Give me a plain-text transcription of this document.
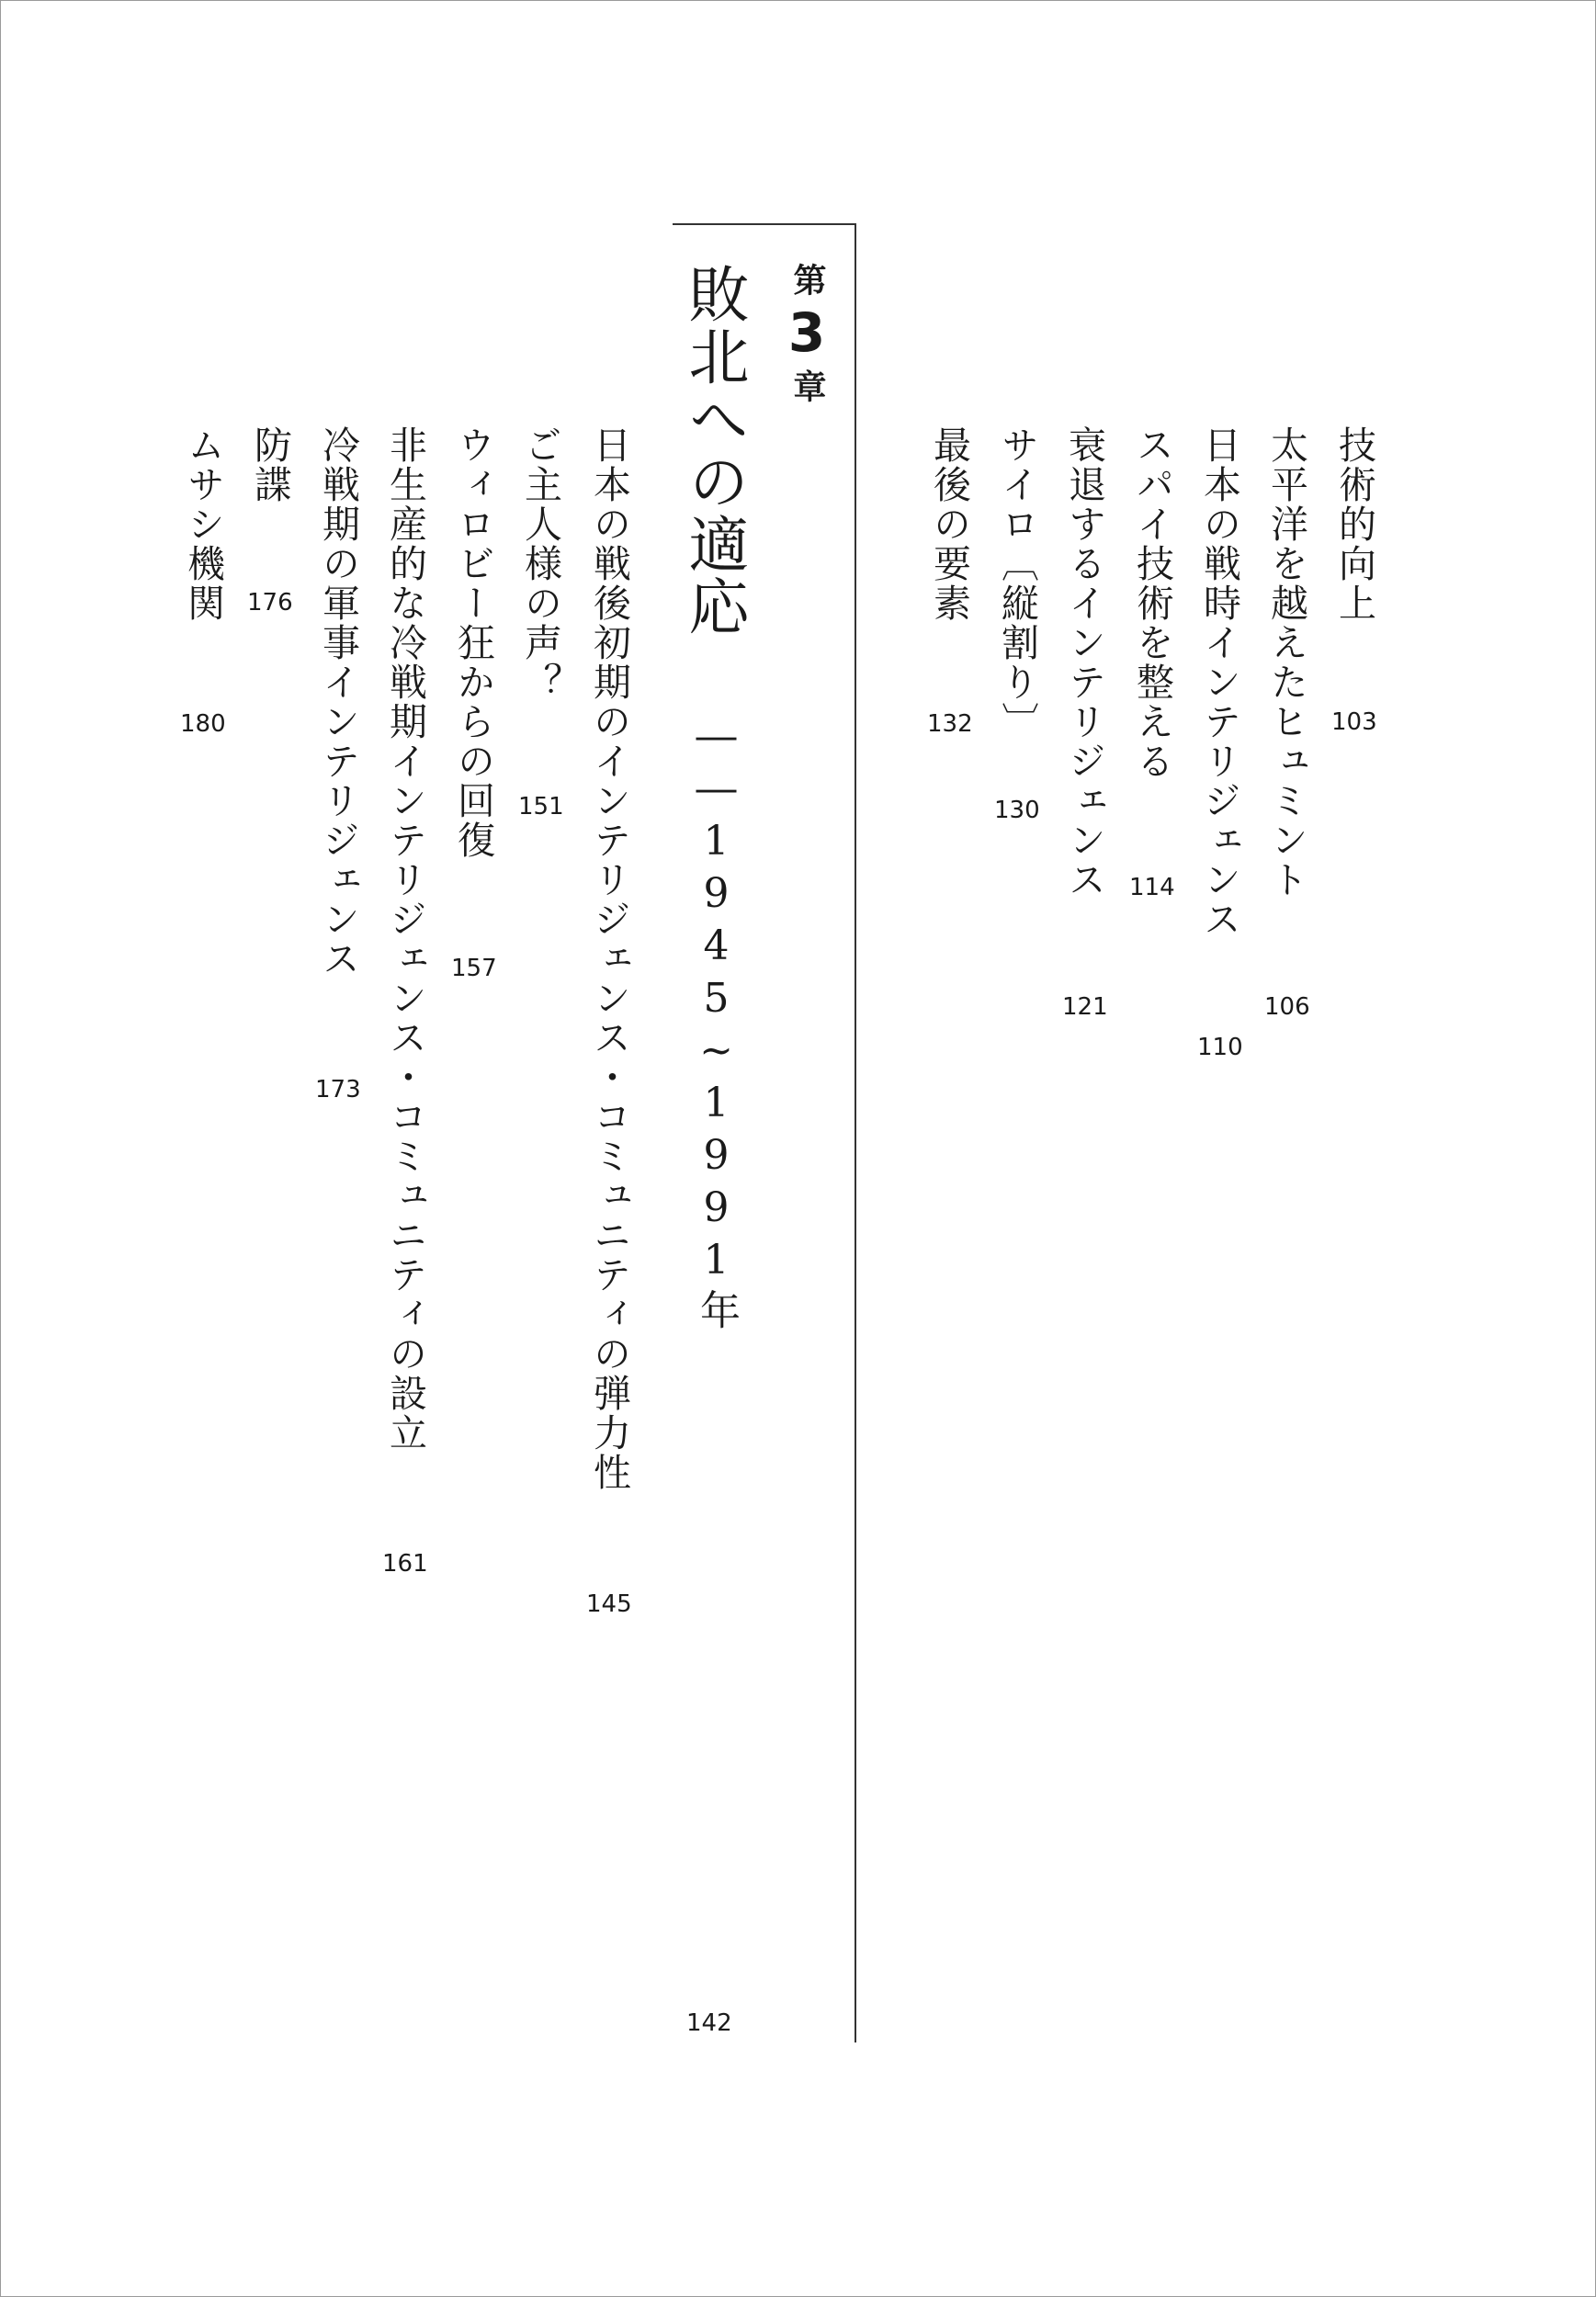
技術的向上
103
太平洋を越えたヒュミント
106
日本の戦時インテリジェンス
110
スパイ技術を整える
114
衰退するインテリジェンス
121
サイロ〔縦割り〕
130
最後の要素
132
第3章
敗北への適応
――1945~1991年
142
日本の戦後初期のインテリジェンス・コミュニティの弾力性
145
ご主人様の声？
151
ウィロビー狂からの回復
157
非生産的な冷戦期インテリジェンス・コミュニティの設立
161
冷戦期の軍事インテリジェンス
173
防諜
176
ムサシ機関
180
